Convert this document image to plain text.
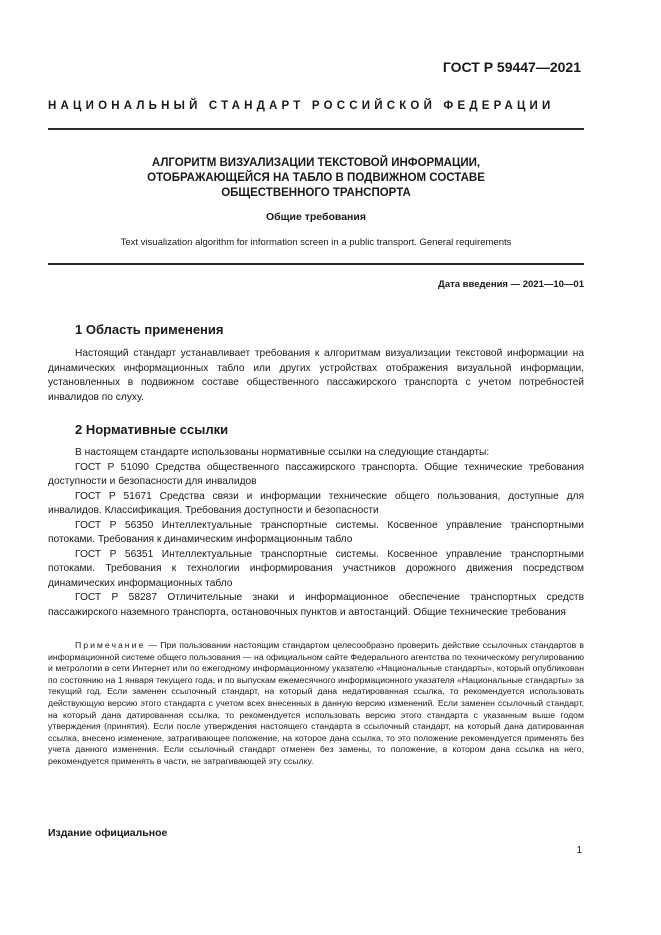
ГОСТ Р 59447—2021
НАЦИОНАЛЬНЫЙ СТАНДАРТ РОССИЙСКОЙ ФЕДЕРАЦИИ
АЛГОРИТМ ВИЗУАЛИЗАЦИИ ТЕКСТОВОЙ ИНФОРМАЦИИ,
ОТОБРАЖАЮЩЕЙСЯ НА ТАБЛО В ПОДВИЖНОМ СОСТАВЕ
ОБЩЕСТВЕННОГО ТРАНСПОРТА
Общие требования
Text visualization algorithm for information screen in a public transport. General requirements
Дата введения — 2021—10—01
1 Область применения

Настоящий стандарт устанавливает требования к алгоритмам визуализации текстовой информации на динамических информационных табло или других устройствах отображения визуальной информации, установленных в подвижном составе общественного пассажирского транспорта с учетом потребностей инвалидов по слуху.

2 Нормативные ссылки

В настоящем стандарте использованы нормативные ссылки на следующие стандарты:

ГОСТ Р 51090 Средства общественного пассажирского транспорта. Общие технические требования доступности и безопасности для инвалидов

ГОСТ Р 51671 Средства связи и информации технические общего пользования, доступные для инвалидов. Классификация. Требования доступности и безопасности

ГОСТ Р 56350 Интеллектуальные транспортные системы. Косвенное управление транспортными потоками. Требования к динамическим информационным табло

ГОСТ Р 56351 Интеллектуальные транспортные системы. Косвенное управление транспортными потоками. Требования к технологии информирования участников дорожного движения посредством динамических информационных табло

ГОСТ Р 58287 Отличительные знаки и информационное обеспечение транспортных средств пассажирского наземного транспорта, остановочных пунктов и автостанций. Общие технические требования

Примечание — При пользовании настоящим стандартом целесообразно проверить действие ссылочных стандартов в информационной системе общего пользования — на официальном сайте Федерального агентства по техническому регулированию и метрологии в сети Интернет или по ежегодному информационному указателю «Национальные стандарты», который опубликован по состоянию на 1 января текущего года, и по выпускам ежемесячного информационного указателя «Национальные стандарты» за текущий год. Если заменен ссылочный стандарт, на который дана недатированная ссылка, то рекомендуется использовать действующую версию этого стандарта с учетом всех внесенных в данную версию изменений. Если заменен ссылочный стандарт, на который дана датированная ссылка, то рекомендуется использовать версию этого стандарта с указанным выше годом утверждения (принятия). Если после утверждения настоящего стандарта в ссылочный стандарт, на который дана датированная ссылка, внесено изменение, затрагивающее положение, на которое дана ссылка, то это положение рекомендуется применять без учета данного изменения. Если ссылочный стандарт отменен без замены, то положение, в котором дана ссылка на него, рекомендуется применять в части, не затрагивающей эту ссылку.

Издание официальное
1
